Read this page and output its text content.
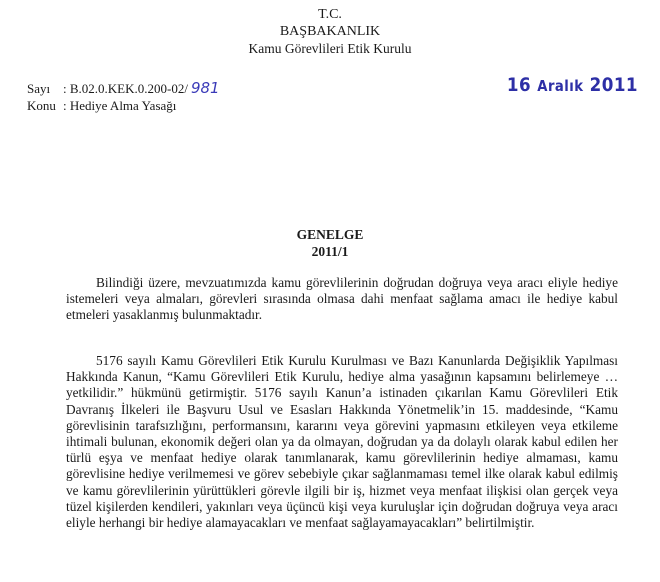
T.C.
BAŞBAKANLIK
Kamu Görevlileri Etik Kurulu
Sayı : B.02.0.KEK.0.200-02/ 981
Konu : Hediye Alma Yasağı
16 Aralık 2011
GENELGE
2011/1

Bilindiği üzere, mevzuatımızda kamu görevlilerinin doğrudan doğruya veya aracı eliyle hediye istemeleri veya almaları, görevleri sırasında olmasa dahi menfaat sağlama amacı ile hediye kabul etmeleri yasaklanmış bulunmaktadır.

5176 sayılı Kamu Görevlileri Etik Kurulu Kurulması ve Bazı Kanunlarda Değişiklik Yapılması Hakkında Kanun, “Kamu Görevlileri Etik Kurulu, hediye alma yasağının kapsamını belirlemeye … yetkilidir.” hükmünü getirmiştir. 5176 sayılı Kanun’a istinaden çıkarılan Kamu Görevlileri Etik Davranış İlkeleri ile Başvuru Usul ve Esasları Hakkında Yönetmelik’in 15. maddesinde, “Kamu görevlisinin tarafsızlığını, performansını, kararını veya görevini yapmasını etkileyen veya etkileme ihtimali bulunan, ekonomik değeri olan ya da olmayan, doğrudan ya da dolaylı olarak kabul edilen her türlü eşya ve menfaat hediye olarak tanımlanarak, kamu görevlilerinin hediye almaması, kamu görevlisine hediye verilmemesi ve görev sebebiyle çıkar sağlanmaması temel ilke olarak kabul edilmiş ve kamu görevlilerinin yürüttükleri görevle ilgili bir iş, hizmet veya menfaat ilişkisi olan gerçek veya tüzel kişilerden kendileri, yakınları veya üçüncü kişi veya kuruluşlar için doğrudan doğruya veya aracı eliyle herhangi bir hediye alamayacakları ve menfaat sağlayamayacakları” belirtilmiştir.
